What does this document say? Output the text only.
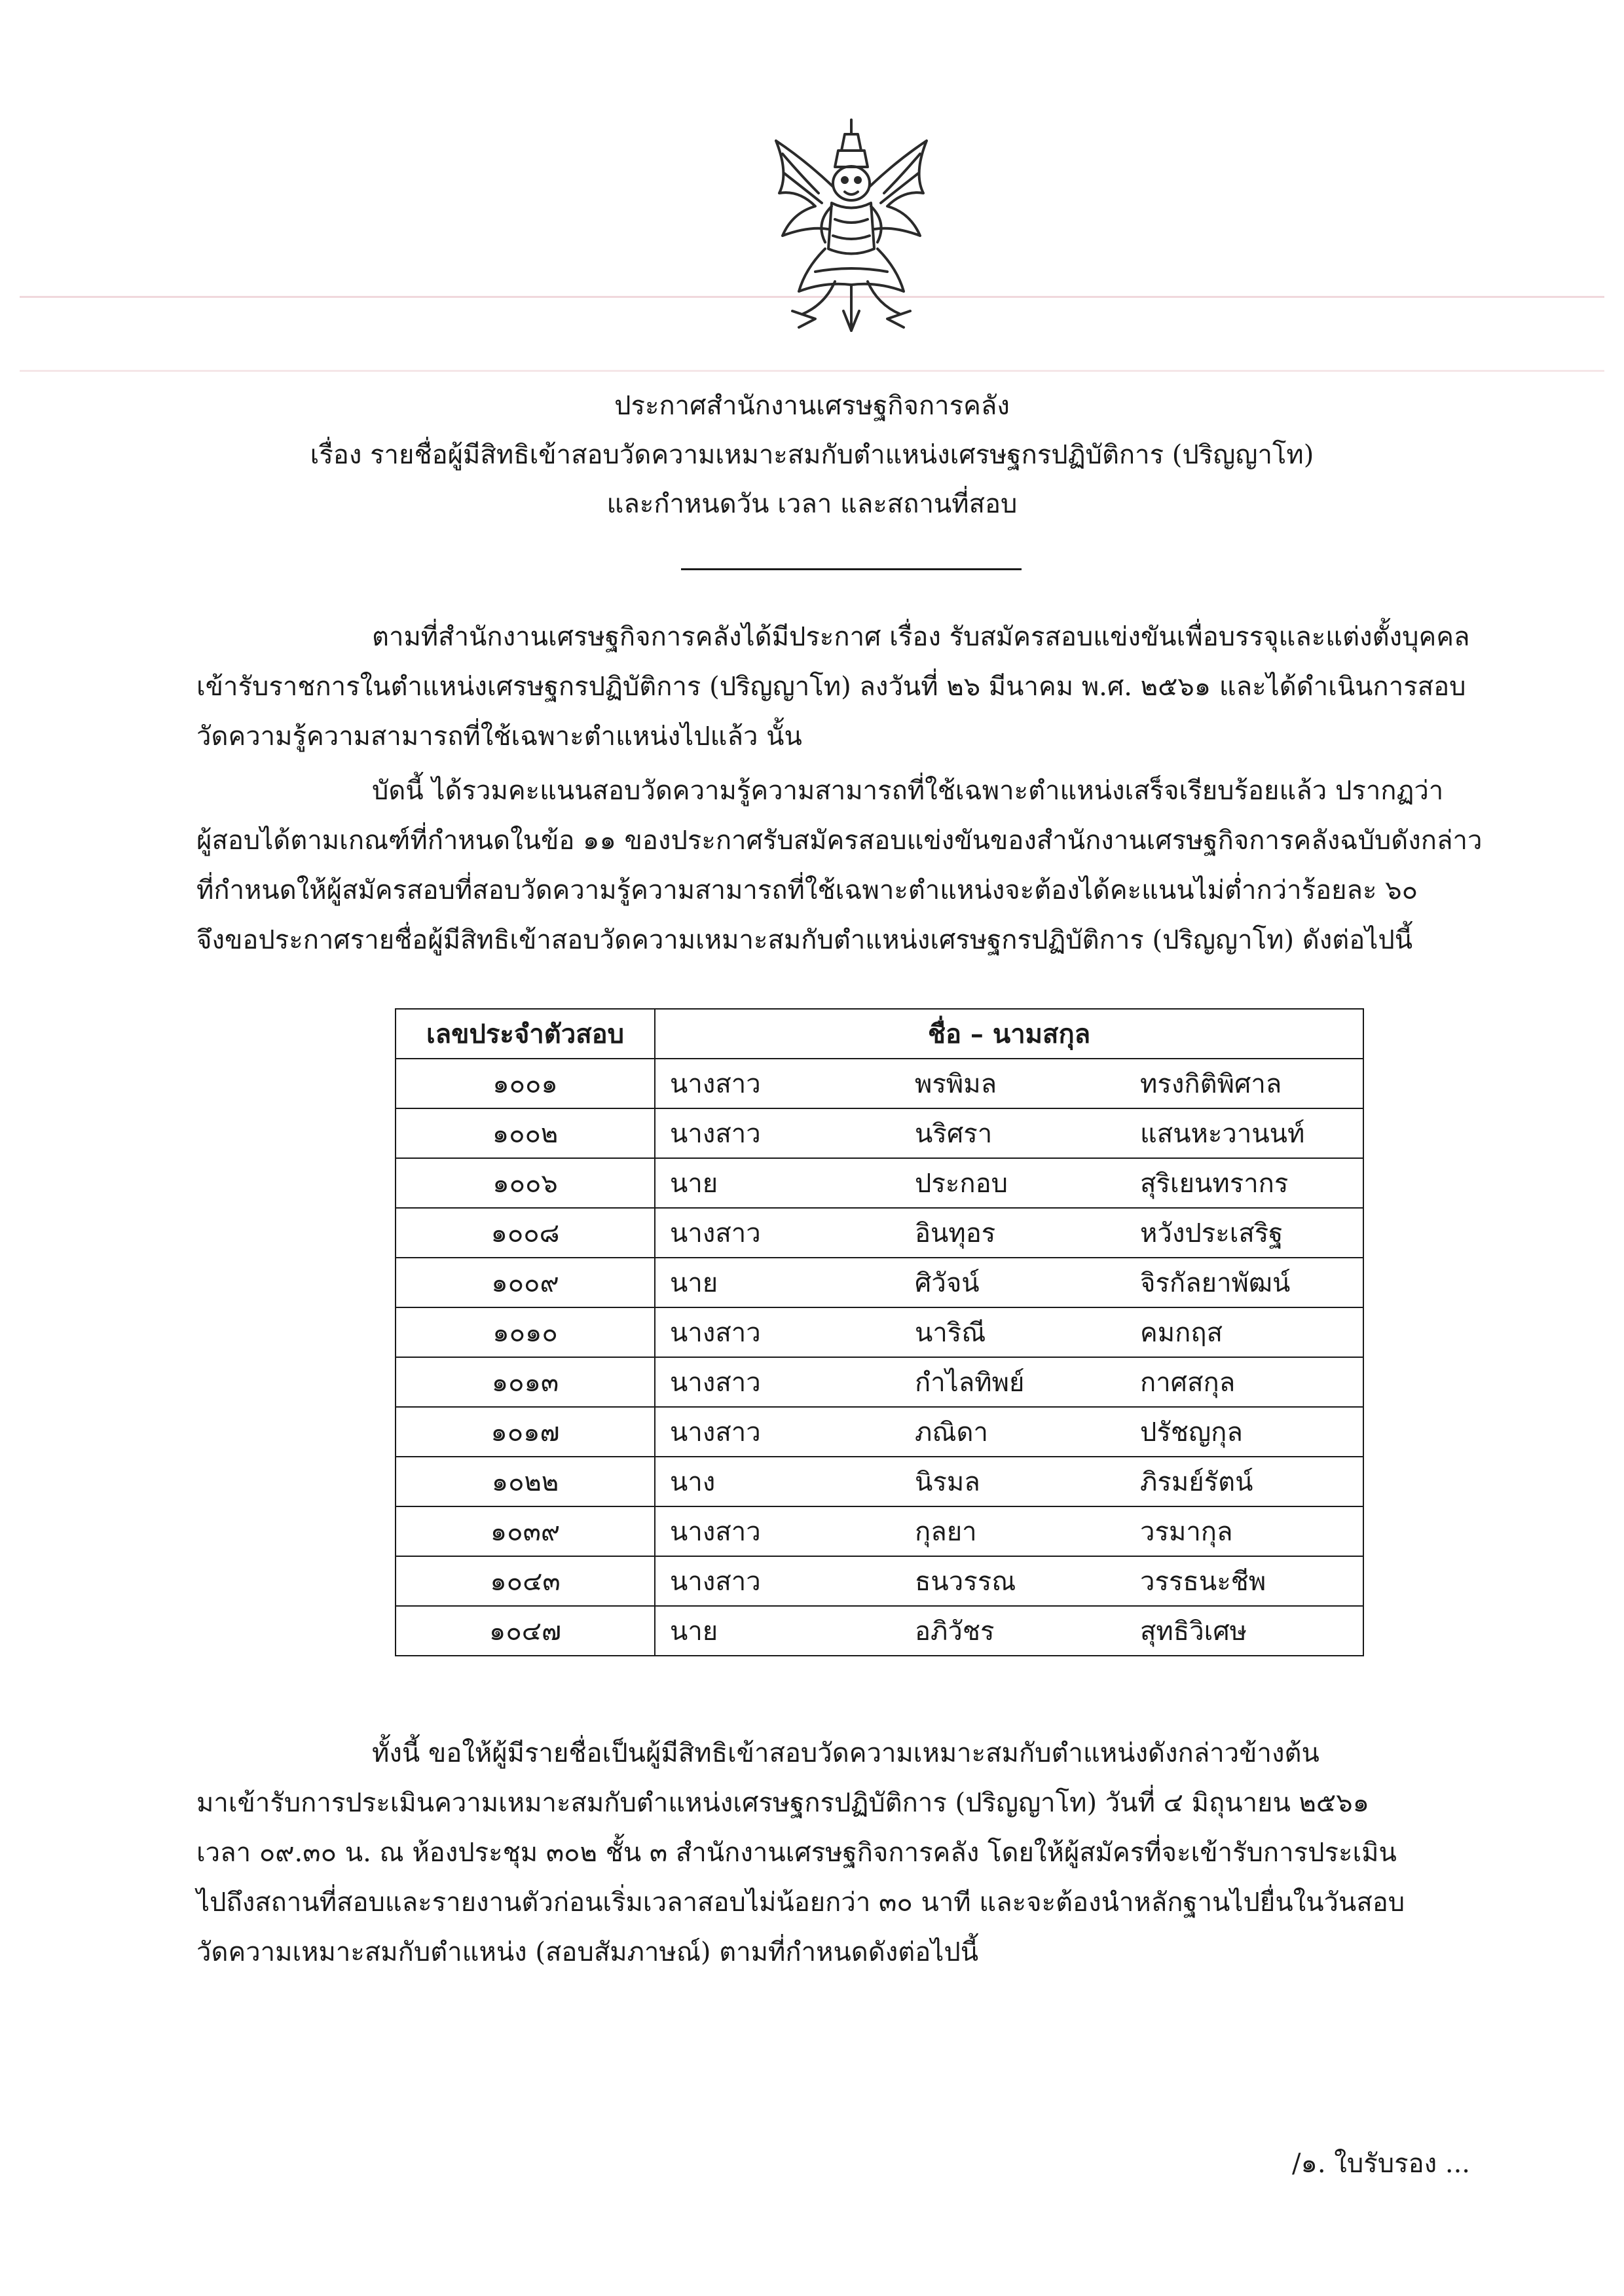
ประกาศสำนักงานเศรษฐกิจการคลัง
เรื่อง รายชื่อผู้มีสิทธิเข้าสอบวัดความเหมาะสมกับตำแหน่งเศรษฐกรปฏิบัติการ (ปริญญาโท)
และกำหนดวัน เวลา และสถานที่สอบ
ตามที่สำนักงานเศรษฐกิจการคลังได้มีประกาศ เรื่อง รับสมัครสอบแข่งขันเพื่อบรรจุและแต่งตั้งบุคคล
เข้ารับราชการในตำแหน่งเศรษฐกรปฏิบัติการ (ปริญญาโท) ลงวันที่ ๒๖ มีนาคม พ.ศ. ๒๕๖๑ และได้ดำเนินการสอบ
วัดความรู้ความสามารถที่ใช้เฉพาะตำแหน่งไปแล้ว นั้น
บัดนี้ ได้รวมคะแนนสอบวัดความรู้ความสามารถที่ใช้เฉพาะตำแหน่งเสร็จเรียบร้อยแล้ว ปรากฏว่า
ผู้สอบได้ตามเกณฑ์ที่กำหนดในข้อ ๑๑ ของประกาศรับสมัครสอบแข่งขันของสำนักงานเศรษฐกิจการคลังฉบับดังกล่าว
ที่กำหนดให้ผู้สมัครสอบที่สอบวัดความรู้ความสามารถที่ใช้เฉพาะตำแหน่งจะต้องได้คะแนนไม่ต่ำกว่าร้อยละ ๖๐
จึงขอประกาศรายชื่อผู้มีสิทธิเข้าสอบวัดความเหมาะสมกับตำแหน่งเศรษฐกรปฏิบัติการ (ปริญญาโท) ดังต่อไปนี้
เลขประจำตัวสอบ	ชื่อ – นามสกุล		
๑๐๐๑	นางสาว	พรพิมล	ทรงกิติพิศาล
๑๐๐๒	นางสาว	นริศรา	แสนหะวานนท์
๑๐๐๖	นาย	ประกอบ	สุริเยนทรากร
๑๐๐๘	นางสาว	อินทุอร	หวังประเสริฐ
๑๐๐๙	นาย	ศิวัจน์	จิรกัลยาพัฒน์
๑๐๑๐	นางสาว	นาริณี	คมกฤส
๑๐๑๓	นางสาว	กำไลทิพย์	กาศสกุล
๑๐๑๗	นางสาว	ภณิดา	ปรัชญกุล
๑๐๒๒	นาง	นิรมล	ภิรมย์รัตน์
๑๐๓๙	นางสาว	กุลยา	วรมากุล
๑๐๔๓	นางสาว	ธนวรรณ	วรรธนะชีพ
๑๐๔๗	นาย	อภิวัชร	สุทธิวิเศษ
ทั้งนี้ ขอให้ผู้มีรายชื่อเป็นผู้มีสิทธิเข้าสอบวัดความเหมาะสมกับตำแหน่งดังกล่าวข้างต้น
มาเข้ารับการประเมินความเหมาะสมกับตำแหน่งเศรษฐกรปฏิบัติการ (ปริญญาโท) วันที่ ๔ มิถุนายน ๒๕๖๑
เวลา ๐๙.๓๐ น. ณ ห้องประชุม ๓๐๒ ชั้น ๓ สำนักงานเศรษฐกิจการคลัง โดยให้ผู้สมัครที่จะเข้ารับการประเมิน
ไปถึงสถานที่สอบและรายงานตัวก่อนเริ่มเวลาสอบไม่น้อยกว่า ๓๐ นาที และจะต้องนำหลักฐานไปยื่นในวันสอบ
วัดความเหมาะสมกับตำแหน่ง (สอบสัมภาษณ์) ตามที่กำหนดดังต่อไปนี้
/๑. ใบรับรอง ...
